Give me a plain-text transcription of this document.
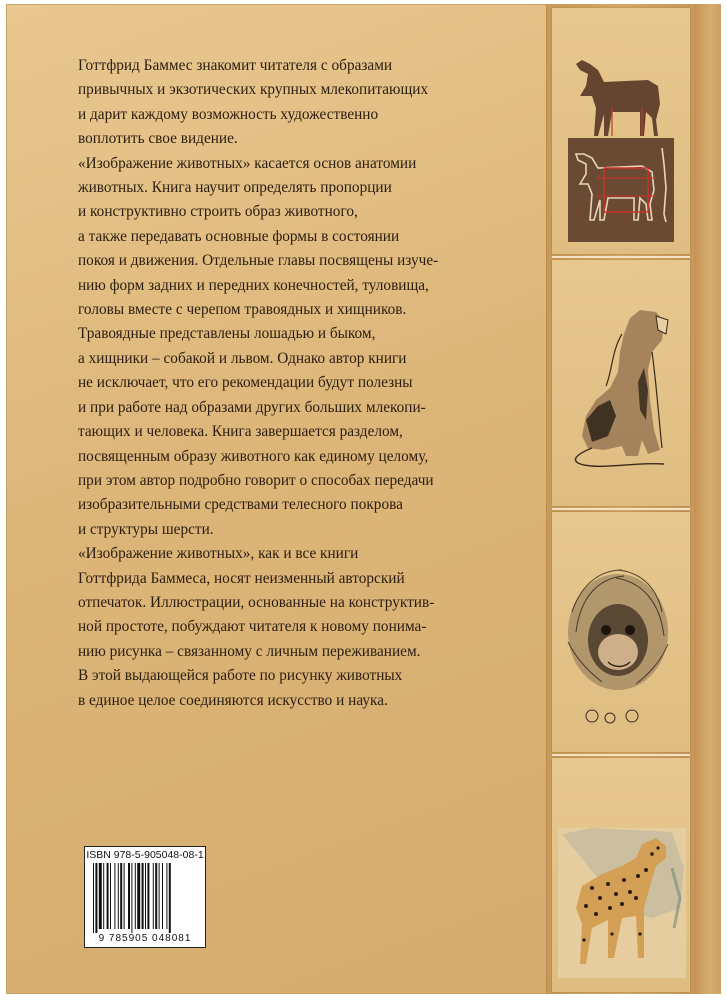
Готтфрид Баммес знакомит читателя с образами

привычных и экзотических крупных млекопитающих

и дарит каждому возможность художественно

воплотить свое видение.

«Изображение животных» касается основ анатомии

животных. Книга научит определять пропорции

и конструктивно строить образ животного,

а также передавать основные формы в состоянии

покоя и движения. Отдельные главы посвящены изуче-

нию форм задних и передних конечностей, туловища,

головы вместе с черепом травоядных и хищников.

Травоядные представлены лошадью и быком,

а хищники – собакой и львом. Однако автор книги

не исключает, что его рекомендации будут полезны

и при работе над образами других больших млекопи-

тающих и человека. Книга завершается разделом,

посвященным образу животного как единому целому,

при этом автор подробно говорит о способах передачи

изобразительными средствами телесного покрова

и структуры шерсти.

«Изображение животных», как и все книги

Готтфрида Баммеса, носят неизменный авторский

отпечаток. Иллюстрации, основанные на конструктив-

ной простоте, побуждают читателя к новому понима-

нию рисунка – связанному с личным переживанием.

В этой выдающейся работе по рисунку животных

в единое целое соединяются искусство и наука.

ISBN 978-5-905048-08-1
9 785905 048081
